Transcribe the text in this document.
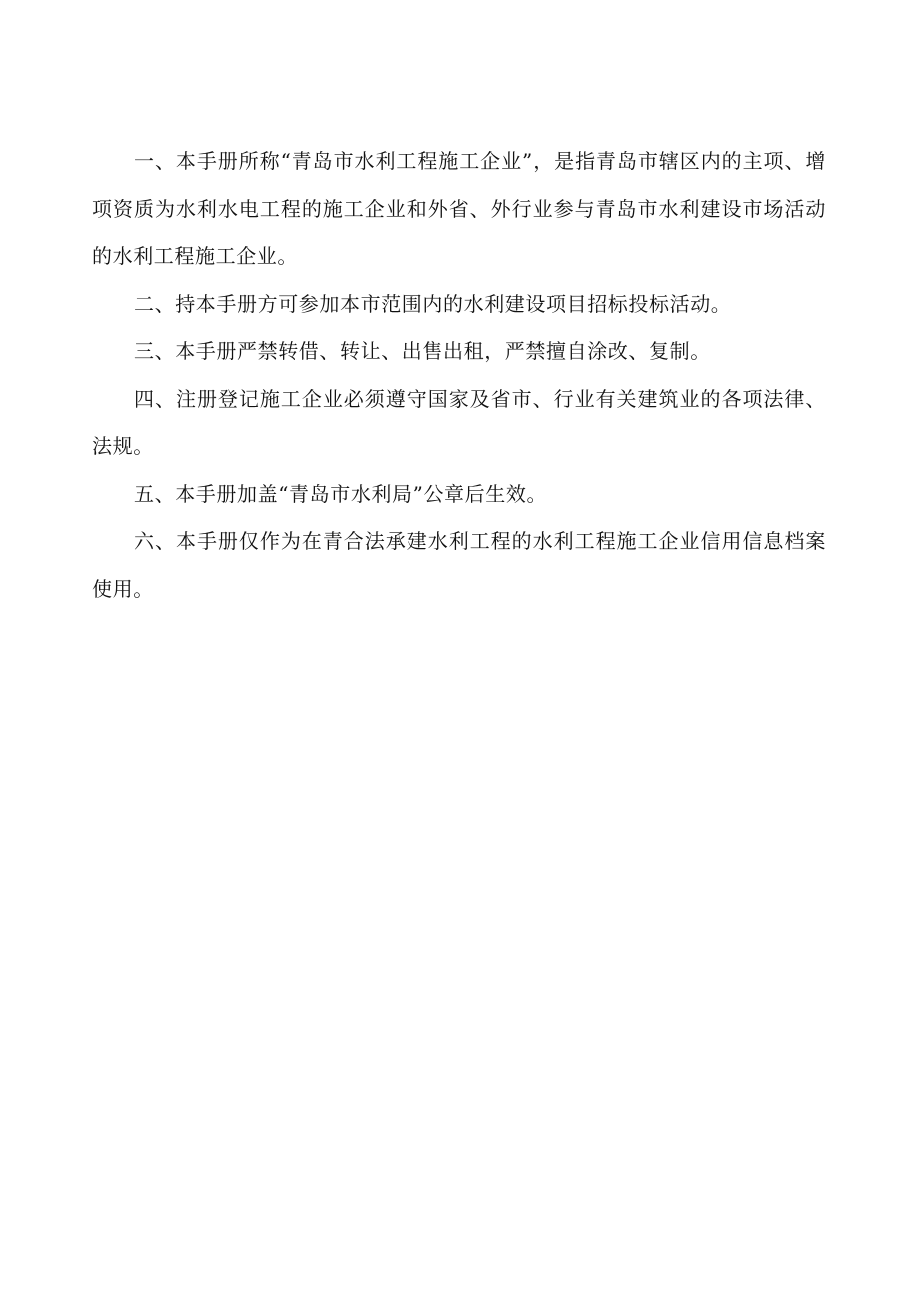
一、本手册所称“青岛市水利工程施工企业”，是指青岛市辖区内的主项、增项资质为水利水电工程的施工企业和外省、外行业参与青岛市水利建设市场活动的水利工程施工企业。

二、持本手册方可参加本市范围内的水利建设项目招标投标活动。

三、本手册严禁转借、转让、出售出租，严禁擅自涂改、复制。

四、注册登记施工企业必须遵守国家及省市、行业有关建筑业的各项法律、法规。

五、本手册加盖“青岛市水利局”公章后生效。

六、本手册仅作为在青合法承建水利工程的水利工程施工企业信用信息档案使用。
